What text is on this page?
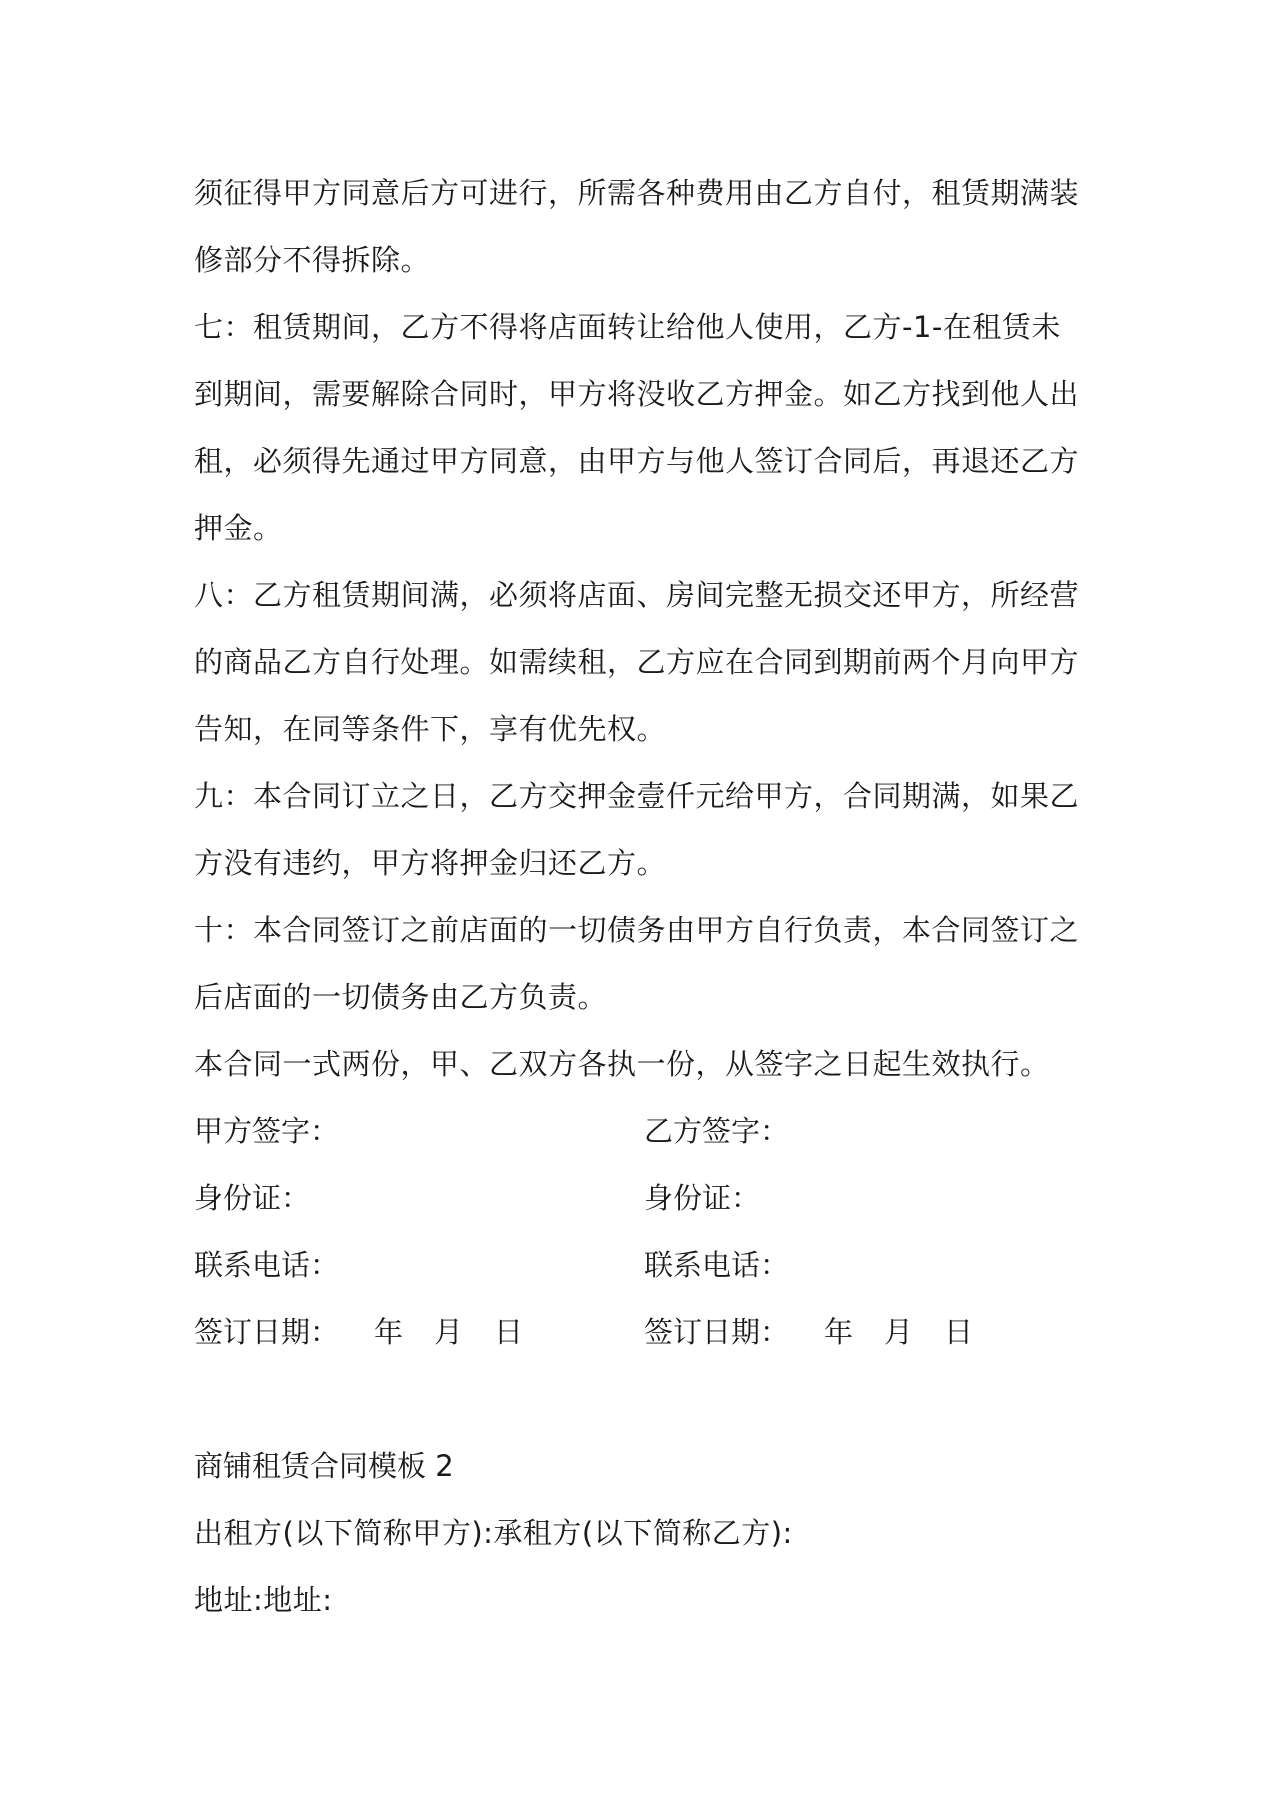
须征得甲方同意后方可进行，所需各种费用由乙方自付，租赁期满装
修部分不得拆除。
七：租赁期间，乙方不得将店面转让给他人使用，乙方-1-在租赁未
到期间，需要解除合同时，甲方将没收乙方押金。如乙方找到他人出
租，必须得先通过甲方同意，由甲方与他人签订合同后，再退还乙方
押金。
八：乙方租赁期间满，必须将店面、房间完整无损交还甲方，所经营
的商品乙方自行处理。如需续租，乙方应在合同到期前两个月向甲方
告知，在同等条件下，享有优先权。
九：本合同订立之日，乙方交押金壹仟元给甲方，合同期满，如果乙
方没有违约，甲方将押金归还乙方。
十：本合同签订之前店面的一切债务由甲方自行负责，本合同签订之
后店面的一切债务由乙方负责。
本合同一式两份，甲、乙双方各执一份，从签字之日起生效执行。
甲方签字：	乙方签字：
身份证：	身份证：
联系电话：	联系电话：
签订日期：	年	月	日	签订日期：	年	月	日
商铺租赁合同模板 2
出租方(以下简称甲方):承租方(以下简称乙方):
地址:地址:
